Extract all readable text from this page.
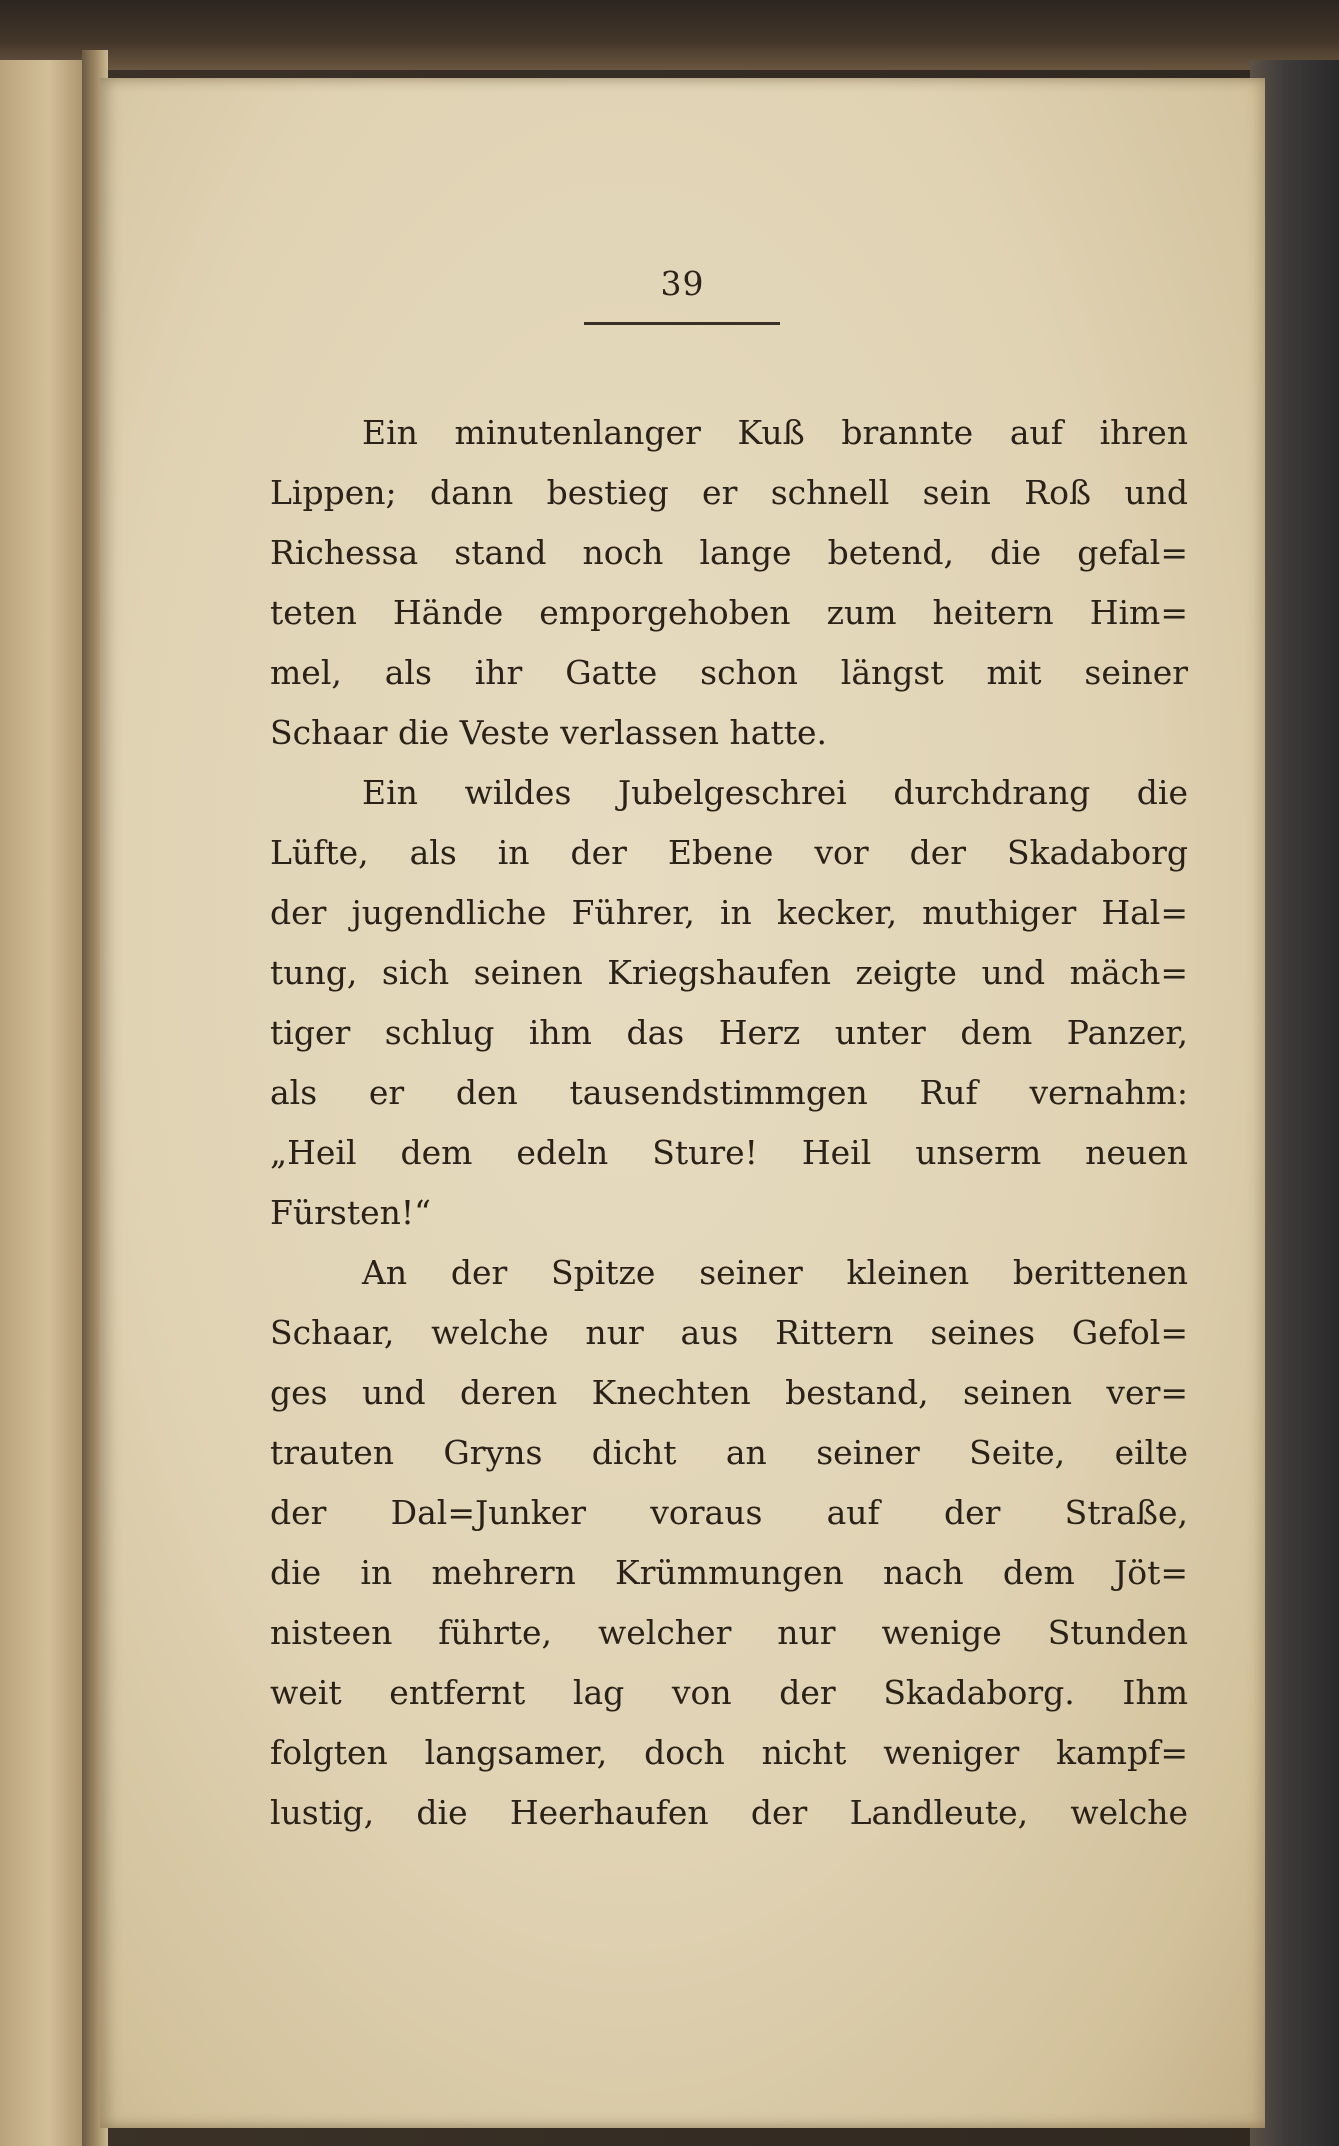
39
Ein minutenlanger Kuß brannte auf ihren
Lippen; dann bestieg er schnell sein Roß und
Richessa stand noch lange betend, die gefal=
teten Hände emporgehoben zum heitern Him=
mel, als ihr Gatte schon längst mit seiner
Schaar die Veste verlassen hatte.
Ein wildes Jubelgeschrei durchdrang die
Lüfte, als in der Ebene vor der Skadaborg
der jugendliche Führer, in kecker, muthiger Hal=
tung, sich seinen Kriegshaufen zeigte und mäch=
tiger schlug ihm das Herz unter dem Panzer,
als er den tausendstimmgen Ruf vernahm:
„Heil dem edeln Sture! Heil unserm neuen
Fürsten!“
An der Spitze seiner kleinen berittenen
Schaar, welche nur aus Rittern seines Gefol=
ges und deren Knechten bestand, seinen ver=
trauten Gryns dicht an seiner Seite, eilte
der Dal=Junker voraus auf der Straße,
die in mehrern Krümmungen nach dem Jöt=
nisteen führte, welcher nur wenige Stunden
weit entfernt lag von der Skadaborg. Ihm
folgten langsamer, doch nicht weniger kampf=
lustig, die Heerhaufen der Landleute, welche
